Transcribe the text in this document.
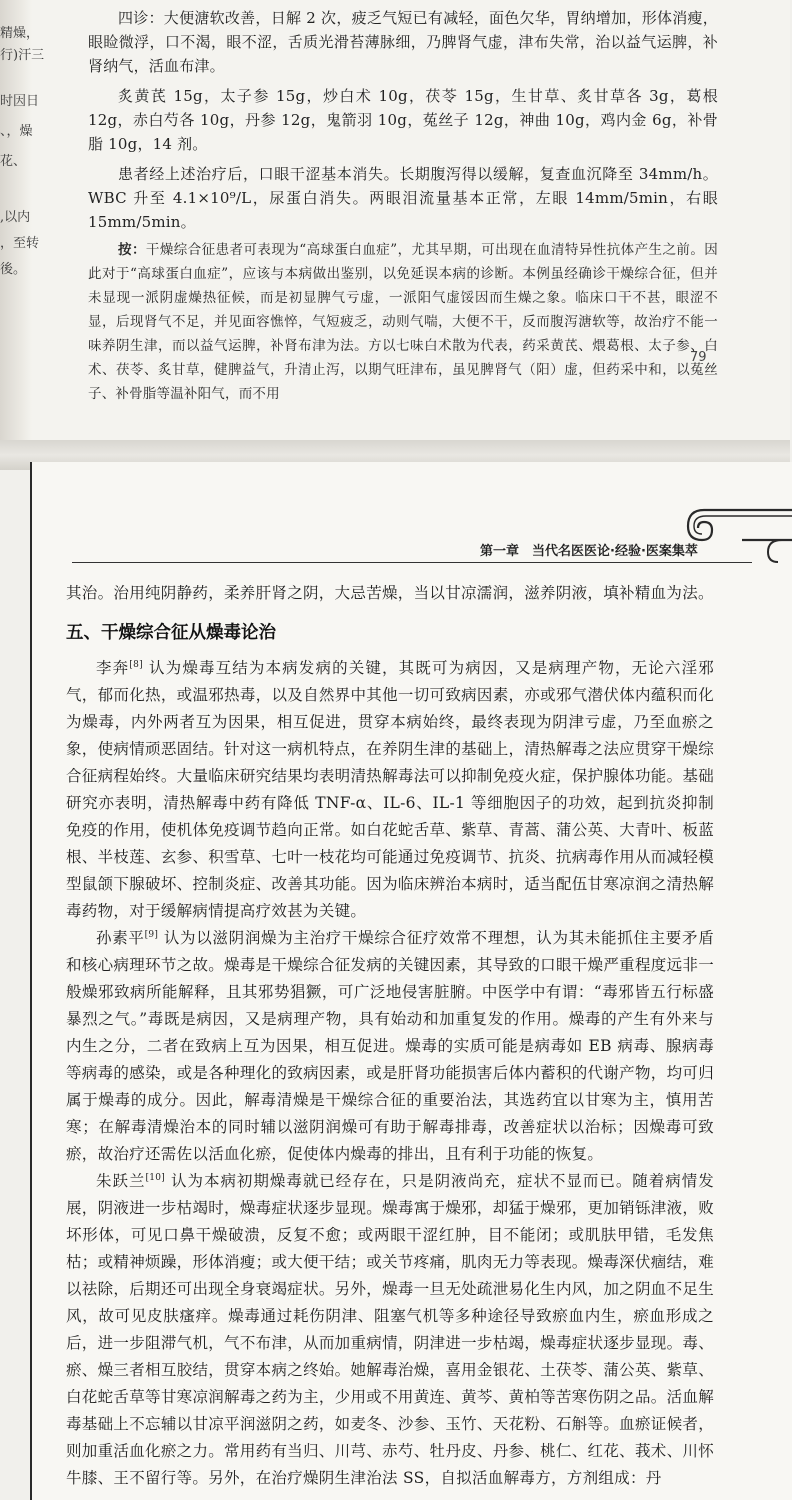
精燥，
行)汗三
时因日
、，燥
花、
,以内
，至转
後。

四诊：大便溏软改善，日解 2 次，疲乏气短已有减轻，面色欠华，胃纳增加，形体消瘦，眼睑微浮，口不渴，眼不涩，舌质光滑苔薄脉细，乃脾肾气虚，津布失常，治以益气运脾，补肾纳气，活血布津。

炙黄芪 15g，太子参 15g，炒白术 10g，茯苓 15g，生甘草、炙甘草各 3g，葛根 12g，赤白芍各 10g，丹参 12g，鬼箭羽 10g，菟丝子 12g，神曲 10g，鸡内金 6g，补骨脂 10g，14 剂。

患者经上述治疗后，口眼干涩基本消失。长期腹泻得以缓解，复查血沉降至 34mm/h。WBC 升至 4.1×10⁹/L，尿蛋白消失。两眼泪流量基本正常，左眼 14mm/5min，右眼 15mm/5min。

按：干燥综合征患者可表现为“高球蛋白血症”，尤其早期，可出现在血清特异性抗体产生之前。因此对于“高球蛋白血症”，应该与本病做出鉴别，以免延误本病的诊断。本例虽经确诊干燥综合征，但并未显现一派阴虚燥热征候，而是初显脾气亏虚，一派阳气虚馁因而生燥之象。临床口干不甚，眼涩不显，后现肾气不足，并见面容憔悴，气短疲乏，动则气喘，大便不干，反而腹泻溏软等，故治疗不能一味养阴生津，而以益气运脾，补肾布津为法。方以七味白术散为代表，药采黄芪、煨葛根、太子参、白术、茯苓、炙甘草，健脾益气，升清止泻，以期气旺津布，虽见脾肾气（阳）虚，但药采中和，以菟丝子、补骨脂等温补阳气，而不用

79
第一章　当代名医医论·经验·医案集萃

其治。治用纯阴静药，柔养肝肾之阴，大忌苦燥，当以甘凉濡润，滋养阴液，填补精血为法。

五、干燥综合征从燥毒论治

李奔[8] 认为燥毒互结为本病发病的关键，其既可为病因，又是病理产物，无论六淫邪气，郁而化热，或温邪热毒，以及自然界中其他一切可致病因素，亦或邪气潜伏体内蕴积而化为燥毒，内外两者互为因果，相互促进，贯穿本病始终，最终表现为阴津亏虚，乃至血瘀之象，使病情顽恶固结。针对这一病机特点，在养阴生津的基础上，清热解毒之法应贯穿干燥综合征病程始终。大量临床研究结果均表明清热解毒法可以抑制免疫火症，保护腺体功能。基础研究亦表明，清热解毒中药有降低 TNF-α、IL-6、IL-1 等细胞因子的功效，起到抗炎抑制免疫的作用，使机体免疫调节趋向正常。如白花蛇舌草、紫草、青蒿、蒲公英、大青叶、板蓝根、半枝莲、玄参、积雪草、七叶一枝花均可能通过免疫调节、抗炎、抗病毒作用从而减轻模型鼠颌下腺破坏、控制炎症、改善其功能。因为临床辨治本病时，适当配伍甘寒凉润之清热解毒药物，对于缓解病情提高疗效甚为关键。

孙素平[9] 认为以滋阴润燥为主治疗干燥综合征疗效常不理想，认为其未能抓住主要矛盾和核心病理环节之故。燥毒是干燥综合征发病的关键因素，其导致的口眼干燥严重程度远非一般燥邪致病所能解释，且其邪势猖獗，可广泛地侵害脏腑。中医学中有谓：“毒邪皆五行标盛暴烈之气。”毒既是病因，又是病理产物，具有始动和加重复发的作用。燥毒的产生有外来与内生之分，二者在致病上互为因果，相互促进。燥毒的实质可能是病毒如 EB 病毒、腺病毒等病毒的感染，或是各种理化的致病因素，或是肝肾功能损害后体内蓄积的代谢产物，均可归属于燥毒的成分。因此，解毒清燥是干燥综合征的重要治法，其选药宜以甘寒为主，慎用苦寒；在解毒清燥治本的同时辅以滋阴润燥可有助于解毒排毒，改善症状以治标；因燥毒可致瘀，故治疗还需佐以活血化瘀，促使体内燥毒的排出，且有利于功能的恢复。

朱跃兰[10] 认为本病初期燥毒就已经存在，只是阴液尚充，症状不显而已。随着病情发展，阴液进一步枯竭时，燥毒症状逐步显现。燥毒寓于燥邪，却猛于燥邪，更加销铄津液，败坏形体，可见口鼻干燥破溃，反复不愈；或两眼干涩红肿，目不能闭；或肌肤甲错，毛发焦枯；或精神烦躁，形体消瘦；或大便干结；或关节疼痛，肌肉无力等表现。燥毒深伏痼结，难以祛除，后期还可出现全身衰竭症状。另外，燥毒一旦无处疏泄易化生内风，加之阴血不足生风，故可见皮肤瘙痒。燥毒通过耗伤阴津、阻塞气机等多种途径导致瘀血内生，瘀血形成之后，进一步阻滞气机，气不布津，从而加重病情，阴津进一步枯竭，燥毒症状逐步显现。毒、瘀、燥三者相互胶结，贯穿本病之终始。她解毒治燥，喜用金银花、土茯苓、蒲公英、紫草、白花蛇舌草等甘寒凉润解毒之药为主，少用或不用黄连、黄芩、黄柏等苦寒伤阴之品。活血解毒基础上不忘辅以甘凉平润滋阴之药，如麦冬、沙参、玉竹、天花粉、石斛等。血瘀证候者，则加重活血化瘀之力。常用药有当归、川芎、赤芍、牡丹皮、丹参、桃仁、红花、莪术、川怀牛膝、王不留行等。另外，在治疗燥阴生津治法 SS，自拟活血解毒方，方剂组成：丹
